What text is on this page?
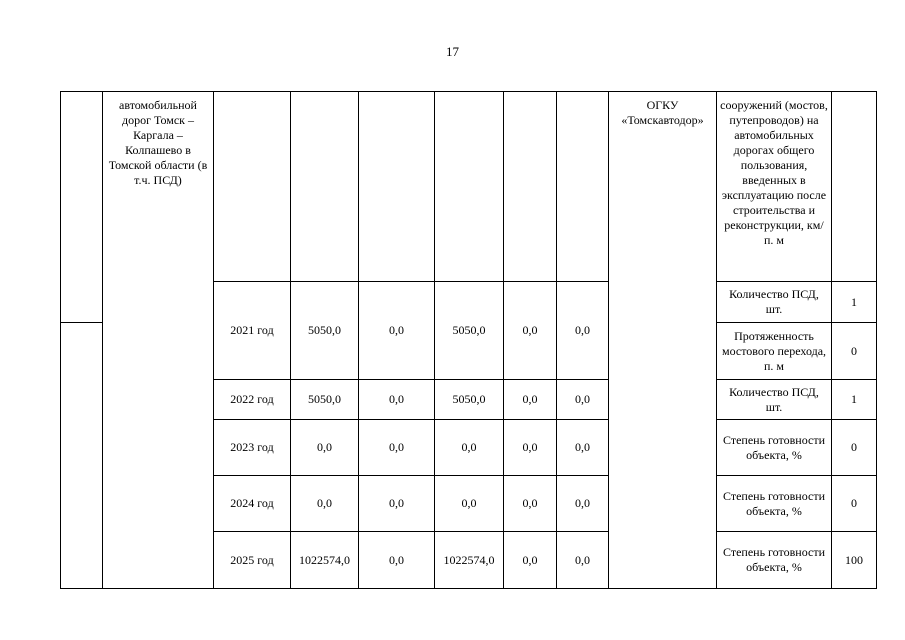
17
	автомобильной дорог Томск – Каргала – Колпашево в Томской области (в т.ч. ПСД)							ОГКУ «Томскавтодор»	сооружений (мостов, путепроводов) на автомобильных дорогах общего пользования, введенных в эксплуатацию после строительства и реконструкции, км/п. м	
		2021 год	5050,0	0,0	5050,0	0,0	0,0		Количество ПСД, шт.	1
									Протяженность мостового перехода, п. м	0
		2022 год	5050,0	0,0	5050,0	0,0	0,0		Количество ПСД, шт.	1
		2023 год	0,0	0,0	0,0	0,0	0,0		Степень готовности объекта, %	0
		2024 год	0,0	0,0	0,0	0,0	0,0		Степень готовности объекта, %	0
		2025 год	1022574,0	0,0	1022574,0	0,0	0,0		Степень готовности объекта, %	100
